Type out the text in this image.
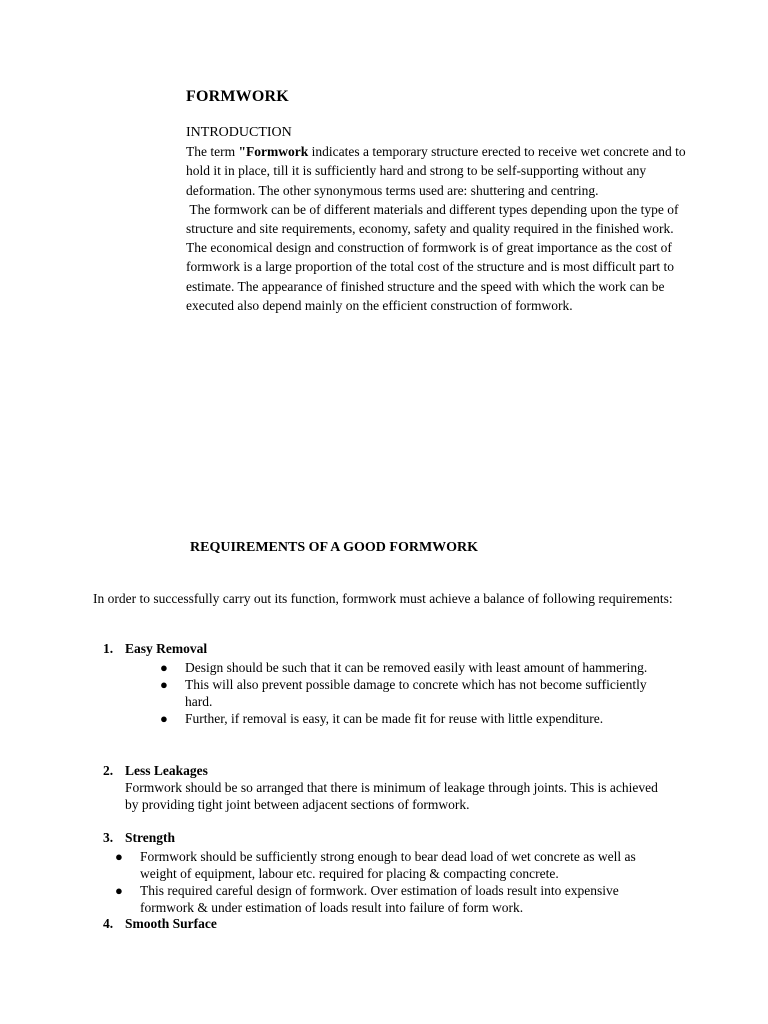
FORMWORK
INTRODUCTION

The term "Formwork indicates a temporary structure erected to receive wet concrete and to hold it in place, till it is sufficiently hard and strong to be self-supporting without any deformation. The other synonymous terms used are: shuttering and centring.

The formwork can be of different materials and different types depending upon the type of structure and site requirements, economy, safety and quality required in the finished work.

The economical design and construction of formwork is of great importance as the cost of formwork is a large proportion of the total cost of the structure and is most difficult part to estimate. The appearance of finished structure and the speed with which the work can be executed also depend mainly on the efficient construction of formwork.

REQUIREMENTS OF A GOOD FORMWORK
In order to successfully carry out its function, formwork must achieve a balance of following requirements:
1. Easy Removal
● Design should be such that it can be removed easily with least amount of hammering.
● This will also prevent possible damage to concrete which has not become sufficiently hard.
● Further, if removal is easy, it can be made fit for reuse with little expenditure.
2. Less Leakages
Formwork should be so arranged that there is minimum of leakage through joints. This is achieved by providing tight joint between adjacent sections of formwork.
3. Strength
● Formwork should be sufficiently strong enough to bear dead load of wet concrete as well as weight of equipment, labour etc. required for placing & compacting concrete.
● This required careful design of formwork. Over estimation of loads result into expensive formwork & under estimation of loads result into failure of form work.
4. Smooth Surface
